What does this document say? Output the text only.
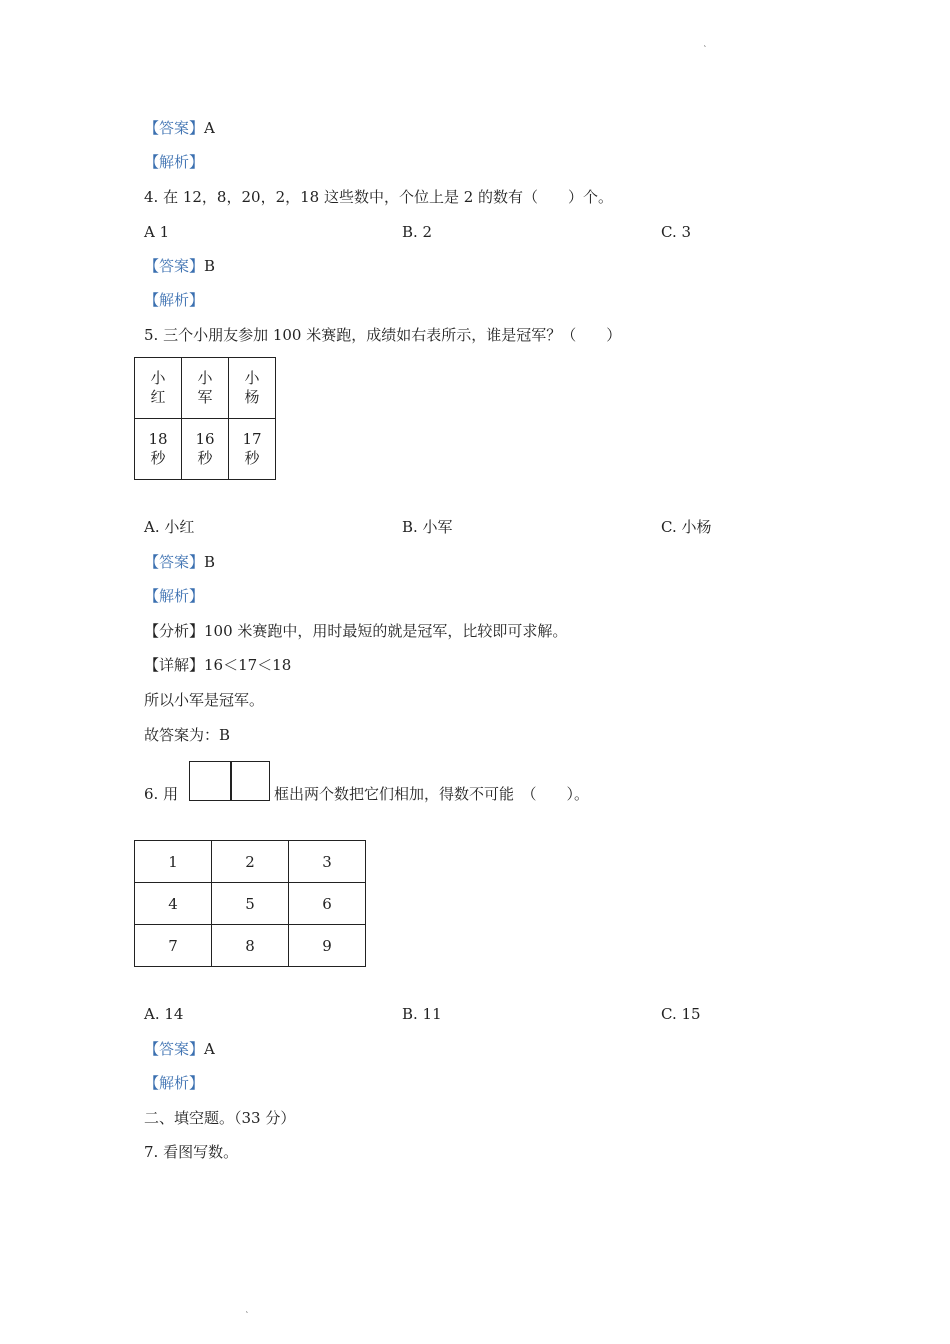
˛
【答案】A
【解析】
4. 在 12，8，20，2，18 这些数中，个位上是 2 的数有（　　）个。
A 1	B. 2	C. 3
【答案】B
【解析】
5. 三个小朋友参加 100 米赛跑，成绩如右表所示，谁是冠军？（　　）
小红	小军	小杨
18秒	16秒	17秒
A. 小红	B. 小军	C. 小杨
【答案】B
【解析】
【分析】100 米赛跑中，用时最短的就是冠军，比较即可求解。
【详解】16＜17＜18
所以小军是冠军。
故答案为：B
6. 用	框出两个数把它们相加，得数不可能　（　　）。
1	2	3
4	5	6
7	8	9
A. 14	B. 11	C. 15
【答案】A
【解析】
二、填空题。（33 分）
7. 看图写数。
˛
